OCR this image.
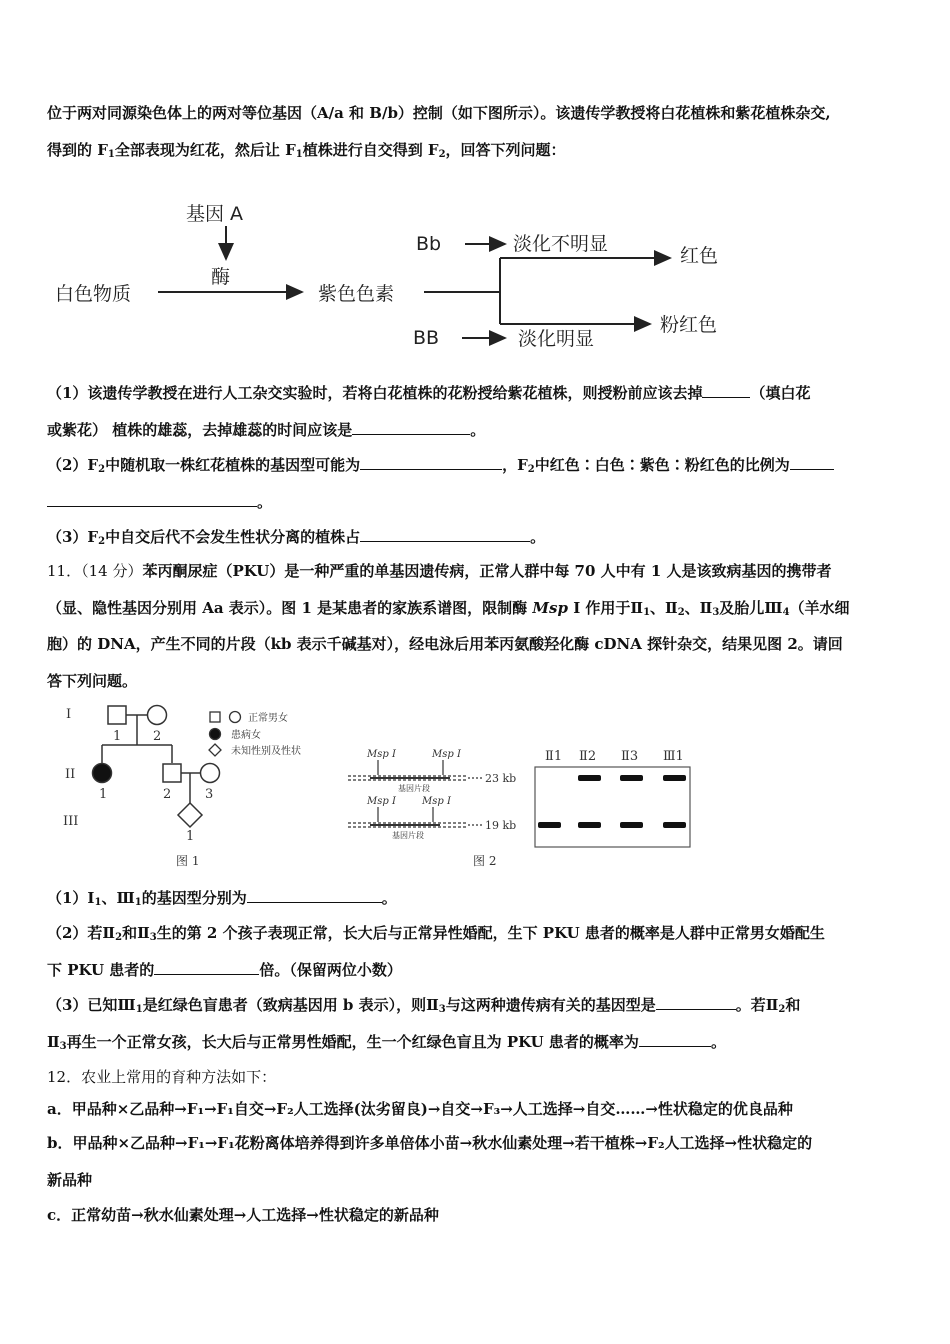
位于两对同源染色体上的两对等位基因（A/a 和 B/b）控制（如下图所示）。该遗传学教授将白花植株和紫花植株杂交,
得到的 $F_1$全部表现为红花，然后让 $F_1$植株进行自交得到 $F_2$，回答下列问题：
基因 A
酶
白色物质	紫色色素
Bb	淡化不明显
红色
粉红色
BB	淡化明显
（1）该遗传学教授在进行人工杂交实验时，若将白花植株的花粉授给紫花植株，则授粉前应该去掉	（填白花
或紫花） 植株的雄蕊，去掉雄蕊的时间应该是	。
$(2)F_2$中随机取一株红花植株的基因型可能为	，$F_2$中红色∶白色∶紫色∶粉红色的比例为
。
$(3)F_2$中自交后代不会发生性状分离的植株占	。
11．（14 分）苯丙酮尿症（PKU）是一种严重的单基因遗传病，正常人群中每 70 人中有 1 人是该致病基因的携带者
（显、隐性基因分别用 Aa 表示）。图 1 是某患者的家族系谱图，限制酶 Msp I 作用于$Ⅱ_1$、$Ⅱ_2$、$Ⅱ_3$及胎儿$Ⅲ_4$（羊水细
胞）的 DNA，产生不同的片段（kb 表示千碱基对），经电泳后用苯丙氨酸羟化酶 cDNA 探针杂交，结果见图 2。请回
答下列问题。
I
II
III
1 2
1	2	3
1
正常男女
患病女
未知性别及性状
图 1
Msp I	Msp I
Msp I	Msp I
基因片段
基因片段
23 kb
19 kb
Ⅱ1 Ⅱ2 Ⅱ3 Ⅲ1
图 2
$(1)I_1$、$Ⅲ_1$的基因型分别为	。
（2）若$Ⅱ_2$和$Ⅱ_3$生的第 2 个孩子表现正常，长大后与正常异性婚配，生下 PKU 患者的概率是人群中正常男女婚配生
下 PKU 患者的	倍。（保留两位小数）
（3）已知$Ⅲ_1$是红绿色盲患者（致病基因用 b 表示），则$Ⅱ_3$与这两种遗传病有关的基因型是	。若$Ⅱ_2$和
$Ⅱ_3$再生一个正常女孩，长大后与正常男性婚配，生一个红绿色盲且为 PKU 患者的概率为	。
12．农业上常用的育种方法如下：
a．甲品种×乙品种→F₁→F₁自交→F₂人工选择(汰劣留良)→自交→F₃→人工选择→自交……→性状稳定的优良品种
b．甲品种×乙品种→F₁→F₁花粉离体培养得到许多单倍体小苗→秋水仙素处理→若干植株→F₂人工选择→性状稳定的
新品种
c．正常幼苗→秋水仙素处理→人工选择→性状稳定的新品种
